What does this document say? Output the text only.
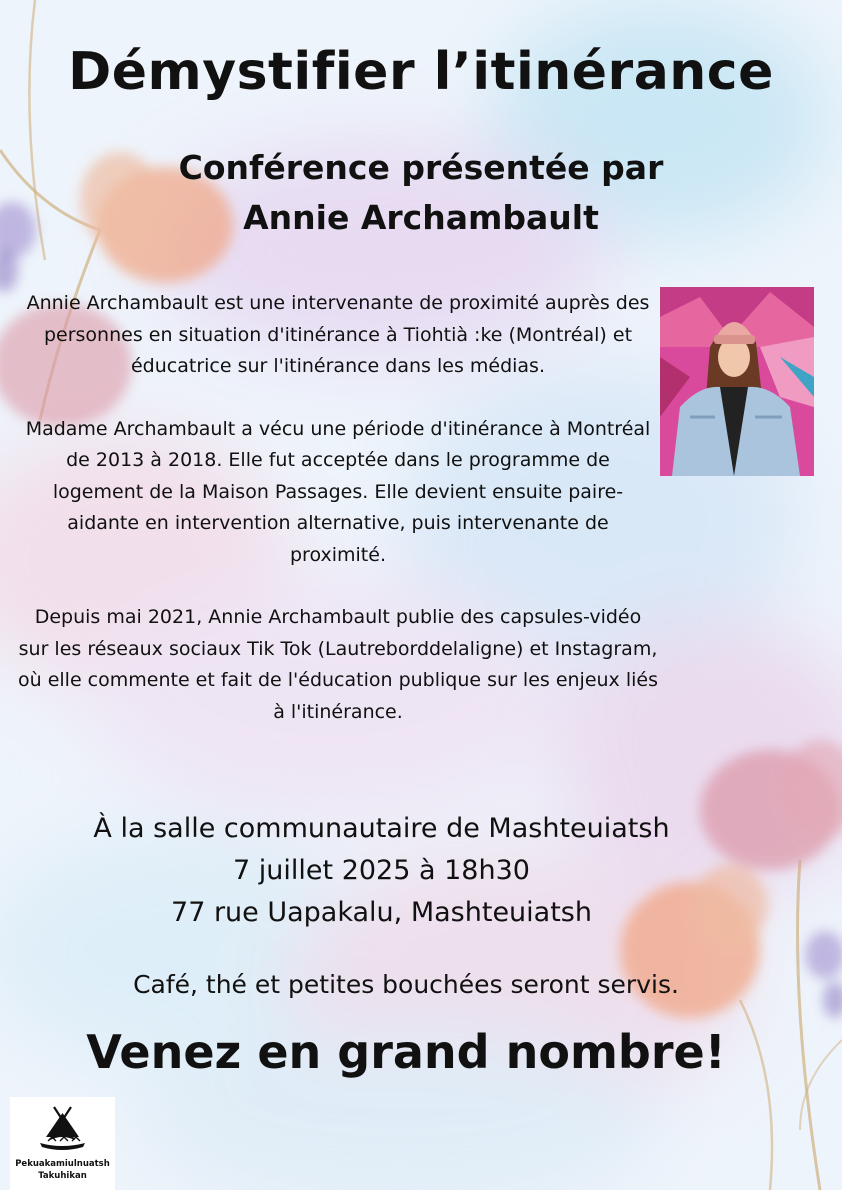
Démystifier l’itinérance
Conférence présentée par
Annie Archambault

Annie Archambault est une intervenante de proximité auprès des personnes en situation d'itinérance à Tiohtià :ke (Montréal) et éducatrice sur l'itinérance dans les médias.

Madame Archambault a vécu une période d'itinérance à Montréal de 2013 à 2018. Elle fut acceptée dans le programme de logement de la Maison Passages. Elle devient ensuite paire-aidante en intervention alternative, puis intervenante de proximité.

Depuis mai 2021, Annie Archambault publie des capsules-vidéo sur les réseaux sociaux Tik Tok (Lautreborddelaligne) et Instagram, où elle commente et fait de l'éducation publique sur les enjeux liés à l'itinérance.

À la salle communautaire de Mashteuiatsh
7 juillet 2025 à 18h30
77 rue Uapakalu, Mashteuiatsh
Café, thé et petites bouchées seront servis.
Venez en grand nombre!
Pekuakamiulnuatsh
Takuhikan
